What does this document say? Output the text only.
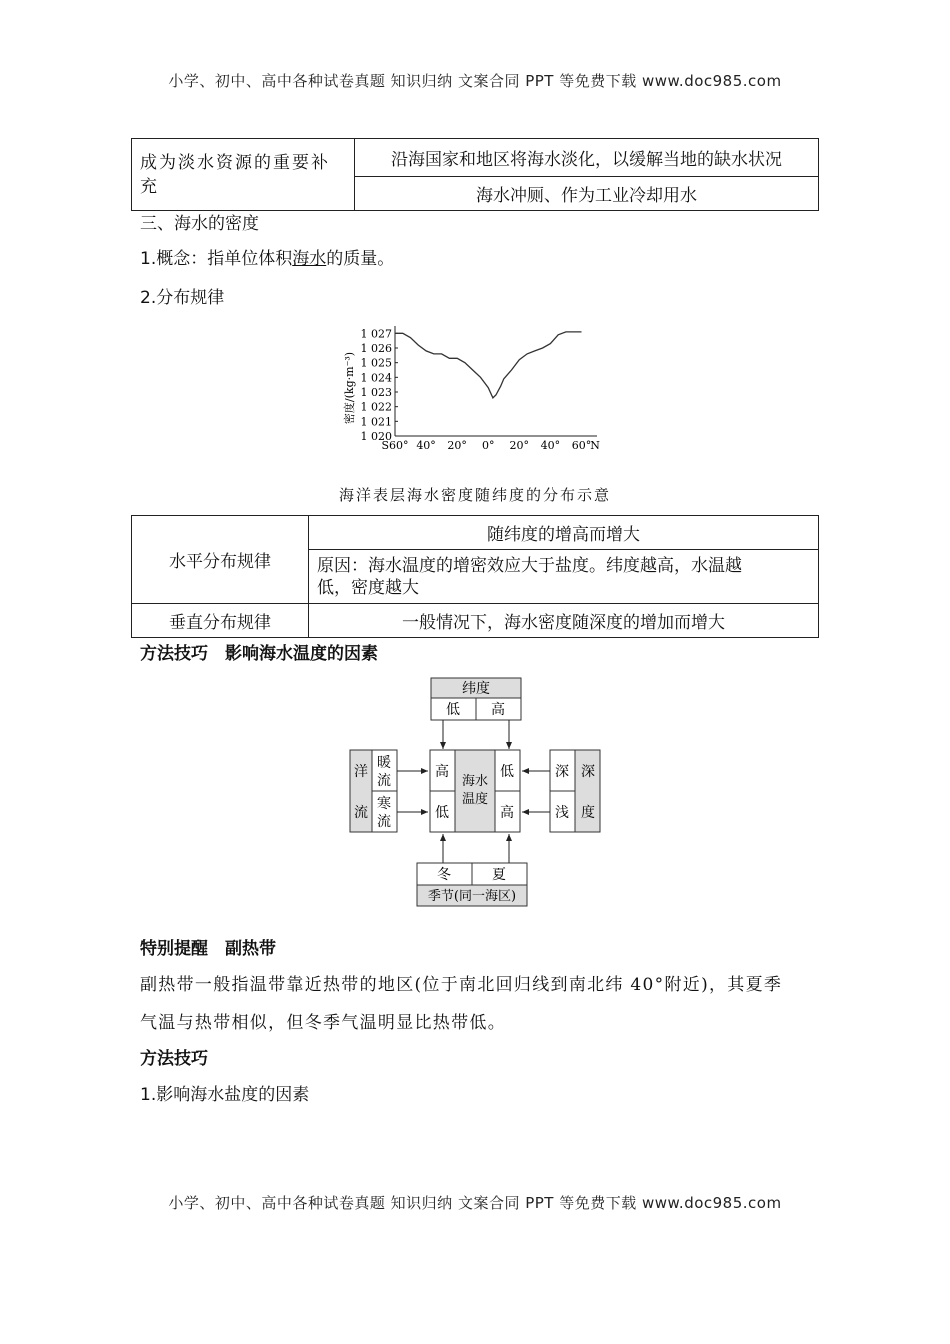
小学、初中、高中各种试卷真题 知识归纳 文案合同 PPT 等免费下载 www.doc985.com
成为淡水资源的重要补充	沿海国家和地区将海水淡化，以缓解当地的缺水状况
海水冲厕、作为工业冷却用水
三、海水的密度
1.概念：指单位体积海水的质量。
2.分布规律
密度/(kg·m⁻³)
1 027
1 026
1 025
1 024
1 023
1 022
1 021
1 020
S60° 40° 20° 0° 20° 40° 60°
N
海洋表层海水密度随纬度的分布示意
水平分布规律	随纬度的增高而增大

	原因：海水温度的增密效应大于盐度。纬度越高，水温越
低，密度越大

垂直分布规律	一般情况下，海水密度随深度的增加而增大
方法技巧　影响海水温度的因素
纬度
低 高
高
低
海水
温度
低
高
洋
流
暖
流
寒
流
深
浅
深
度
冬	夏
季节(同一海区)
特别提醒　副热带
副热带一般指温带靠近热带的地区(位于南北回归线到南北纬 40°附近)，其夏季
气温与热带相似，但冬季气温明显比热带低。
方法技巧
1.影响海水盐度的因素
小学、初中、高中各种试卷真题 知识归纳 文案合同 PPT 等免费下载 www.doc985.com
